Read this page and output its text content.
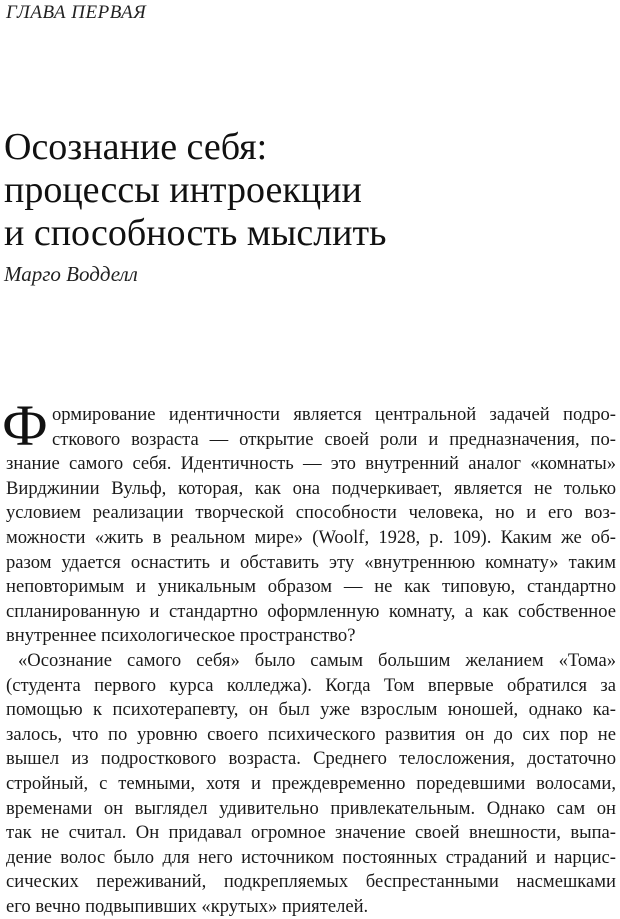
ГЛАВА ПЕРВАЯ

Осознание себя:
процессы интроекции
и способность мыслить

Марго Водделл

Ф ормирование идентичности является центральной задачей подро-
сткового возраста — открытие своей роли и предназначения, по-
знание самого себя. Идентичность — это внутренний аналог «комнаты»
Вирджинии Вульф, которая, как она подчеркивает, является не только
условием реализации творческой способности человека, но и его воз-
можности «жить в реальном мире» (Woolf, 1928, p. 109). Каким же об-
разом удается оснастить и обставить эту «внутреннюю комнату» таким
неповторимым и уникальным образом — не как типовую, стандартно
спланированную и стандартно оформленную комнату, а как собственное
внутреннее психологическое пространство?
«Осознание самого себя» было самым большим желанием «Тома»
(студента первого курса колледжа). Когда Том впервые обратился за
помощью к психотерапевту, он был уже взрослым юношей, однако ка-
залось, что по уровню своего психического развития он до сих пор не
вышел из подросткового возраста. Среднего телосложения, достаточно
стройный, с темными, хотя и преждевременно поредевшими волосами,
временами он выглядел удивительно привлекательным. Однако сам он
так не считал. Он придавал огромное значение своей внешности, выпа-
дение волос было для него источником постоянных страданий и нарцис-
сических переживаний, подкрепляемых беспрестанными насмешками
его вечно подвыпивших «крутых» приятелей.
